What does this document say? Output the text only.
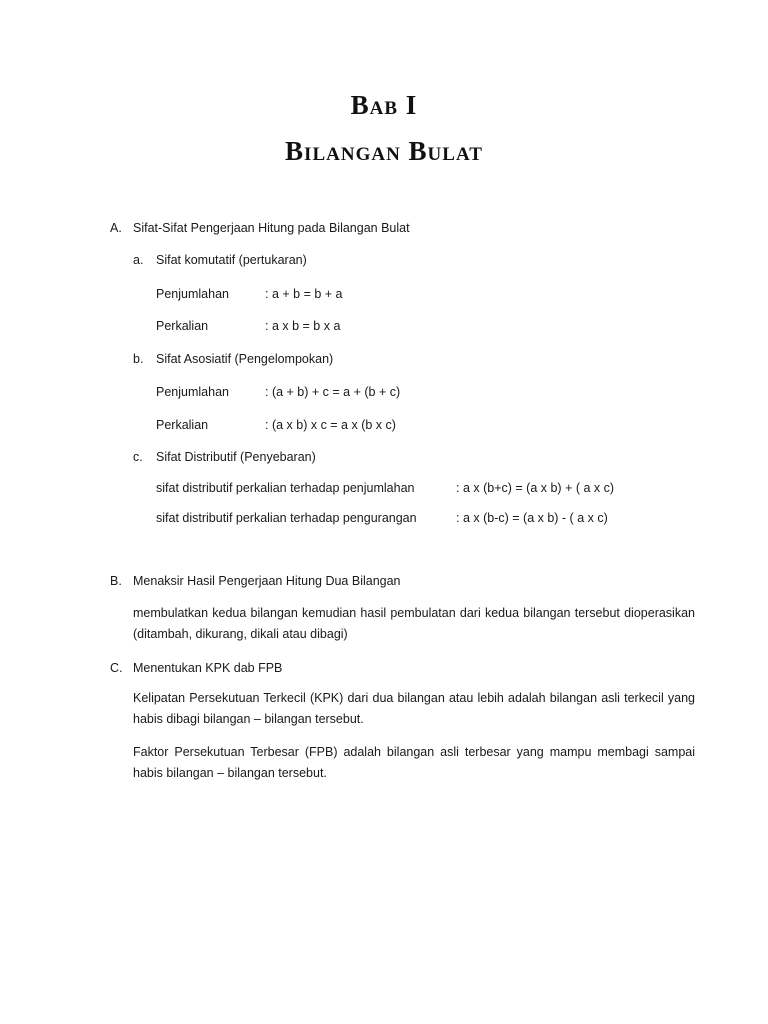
Bab I
Bilangan Bulat
A. Sifat-Sifat Pengerjaan Hitung pada Bilangan Bulat
a. Sifat komutatif (pertukaran)
Penjumlahan	: a + b = b + a
Perkalian	: a x b = b x a
b. Sifat Asosiatif (Pengelompokan)
Penjumlahan	: (a + b) + c = a + (b + c)
Perkalian	: (a x b) x c = a x (b x c)
c. Sifat Distributif (Penyebaran)
sifat distributif perkalian terhadap penjumlahan	: a x (b+c) = (a x b) + ( a x c)
sifat distributif perkalian terhadap pengurangan	: a x (b-c) = (a x b) - ( a x c)
B. Menaksir Hasil Pengerjaan Hitung Dua Bilangan
membulatkan kedua bilangan kemudian hasil pembulatan dari kedua bilangan tersebut dioperasikan (ditambah, dikurang, dikali atau dibagi)
C. Menentukan KPK dab FPB
Kelipatan Persekutuan Terkecil (KPK) dari dua bilangan atau lebih adalah bilangan asli terkecil yang habis dibagi bilangan – bilangan tersebut.
Faktor Persekutuan Terbesar (FPB) adalah bilangan asli terbesar yang mampu membagi sampai habis bilangan – bilangan tersebut.
